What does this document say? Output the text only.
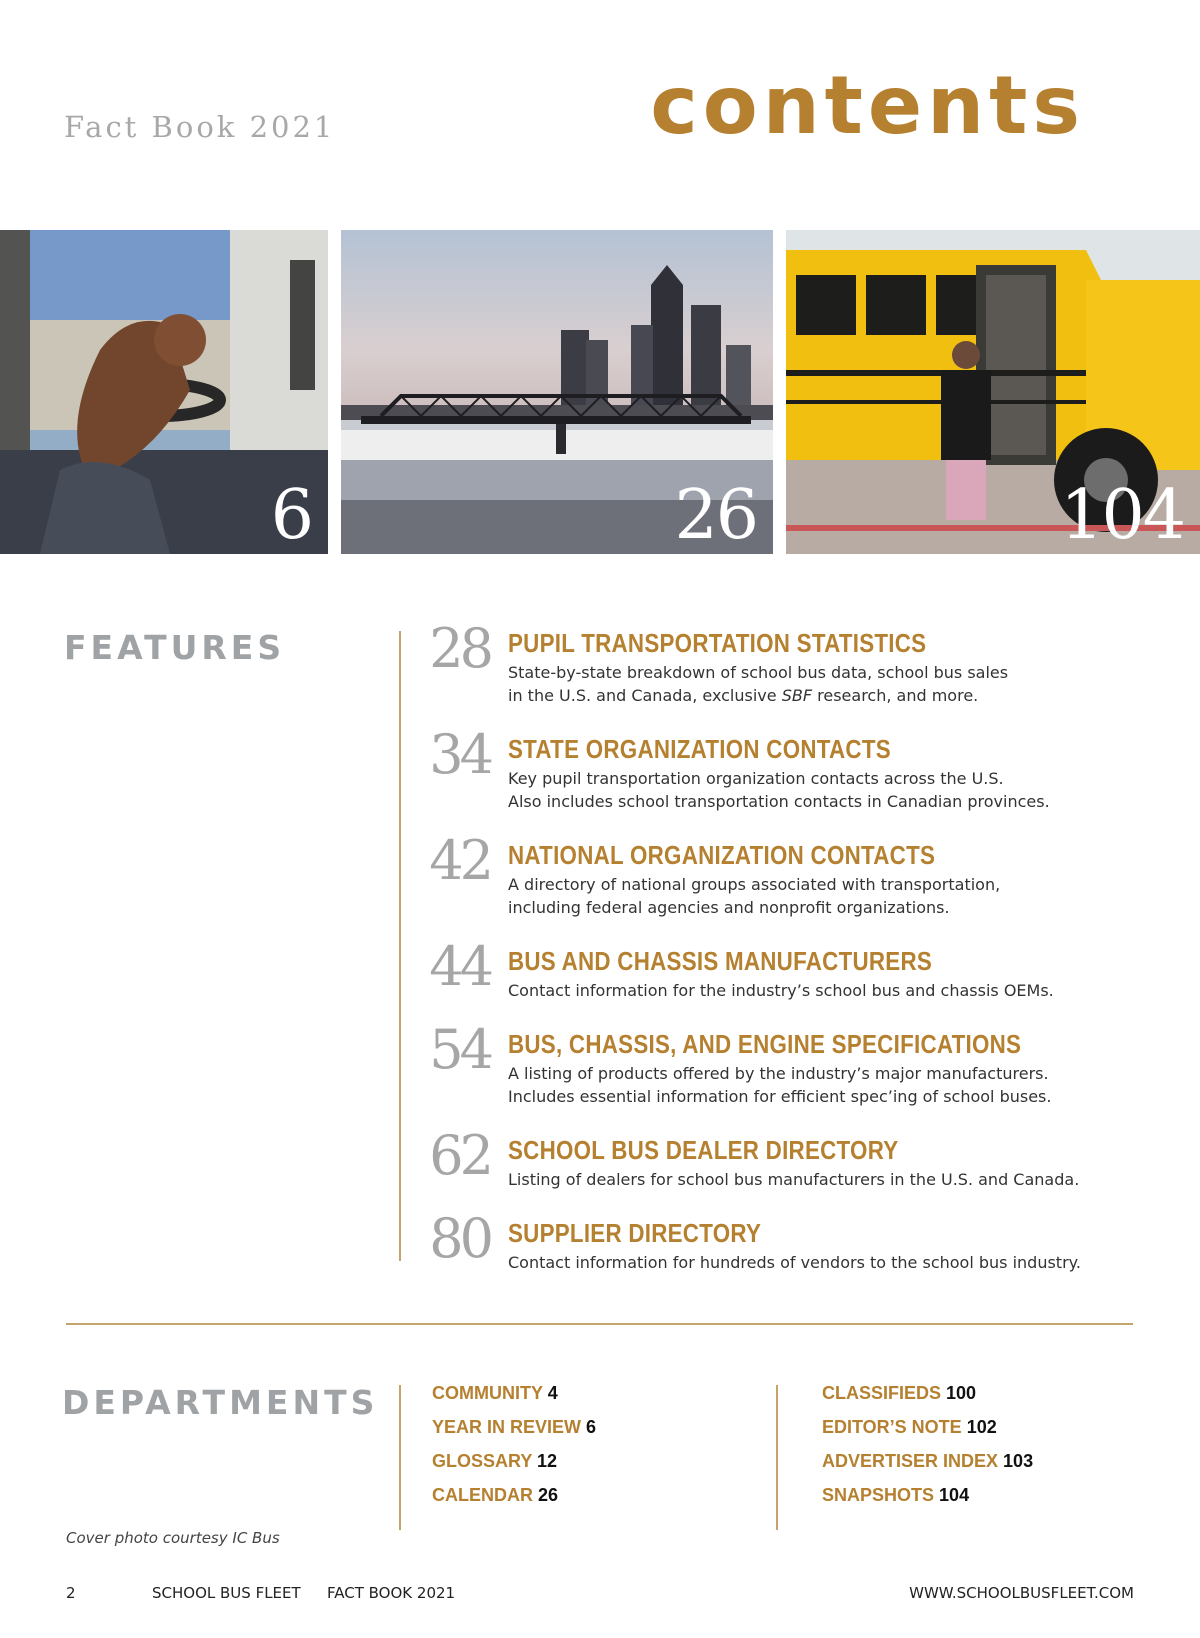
Fact Book 2021	contents
6	26	104
FEATURES	28 PUPIL TRANSPORTATION STATISTICS
State-by-state breakdown of school bus data, school bus sales
in the U.S. and Canada, exclusive SBF research, and more.
34 STATE ORGANIZATION CONTACTS
Key pupil transportation organization contacts across the U.S.
Also includes school transportation contacts in Canadian provinces.
42 NATIONAL ORGANIZATION CONTACTS
A directory of national groups associated with transportation,
including federal agencies and nonprofit organizations.
44 BUS AND CHASSIS MANUFACTURERS
Contact information for the industry’s school bus and chassis OEMs.
54 BUS, CHASSIS, AND ENGINE SPECIFICATIONS
A listing of products offered by the industry’s major manufacturers.
Includes essential information for efficient spec’ing of school buses.
62 SCHOOL BUS DEALER DIRECTORY
Listing of dealers for school bus manufacturers in the U.S. and Canada.
80 SUPPLIER DIRECTORY
Contact information for hundreds of vendors to the school bus industry.
DEPARTMENTS	COMMUNITY 4
YEAR IN REVIEW 6
GLOSSARY 12
CALENDAR 26
CLASSIFIEDS 100
EDITOR’S NOTE 102
ADVERTISER INDEX 103
SNAPSHOTS 104
Cover photo courtesy IC Bus
2	SCHOOL BUS FLEET FACT BOOK 2021	WWW.SCHOOLBUSFLEET.COM
